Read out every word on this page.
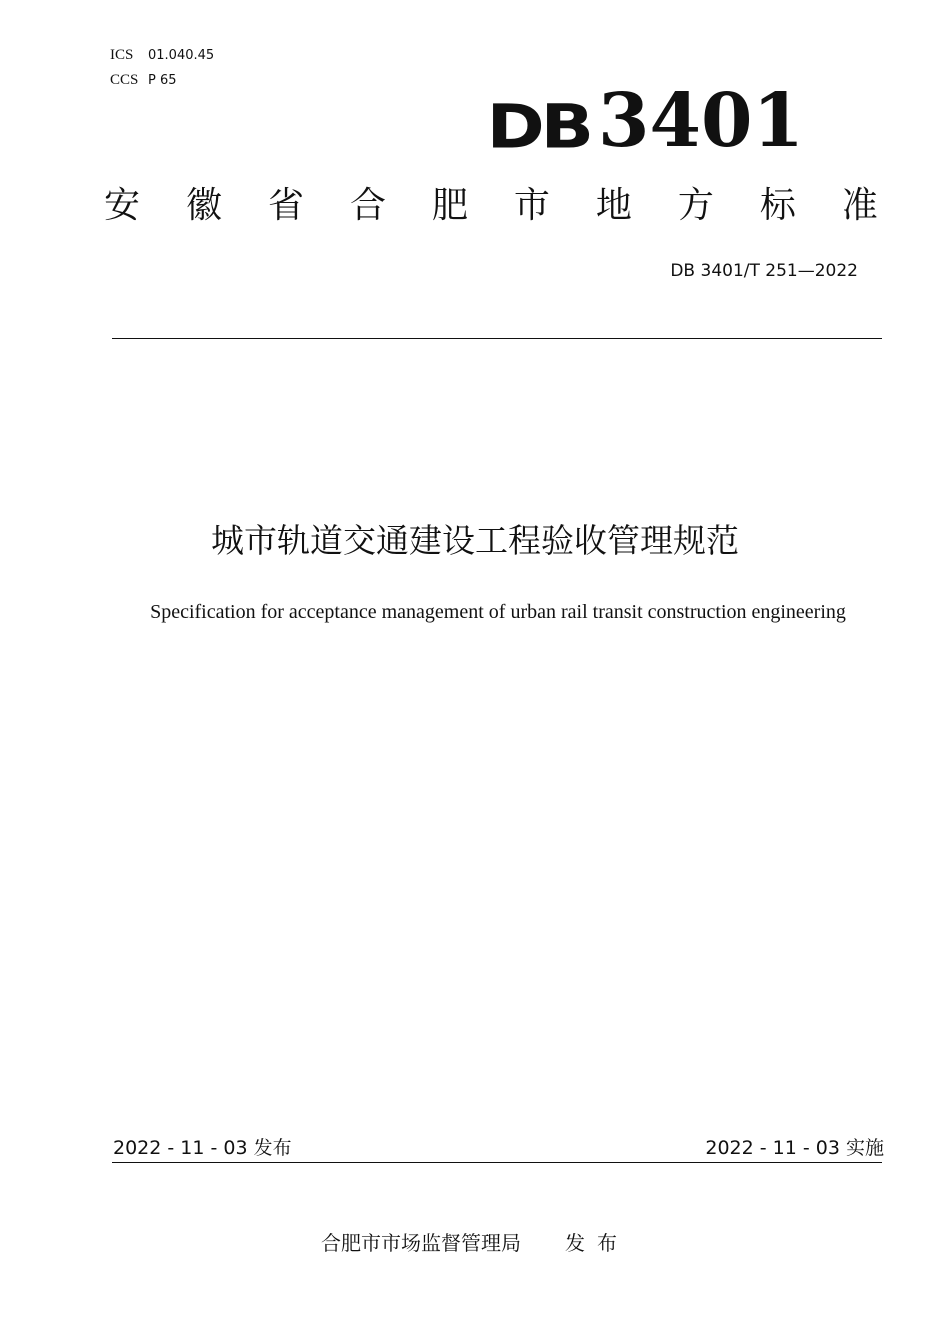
ICS 01.040.45
CCS P 65
DB 3401
安 徽 省 合 肥 市 地 方 标 准
DB 3401/T 251—2022
城市轨道交通建设工程验收管理规范
Specification for acceptance management of urban rail transit construction engineering
2022 - 11 - 03 发布	2022 - 11 - 03 实施
合肥市市场监督管理局 发布
